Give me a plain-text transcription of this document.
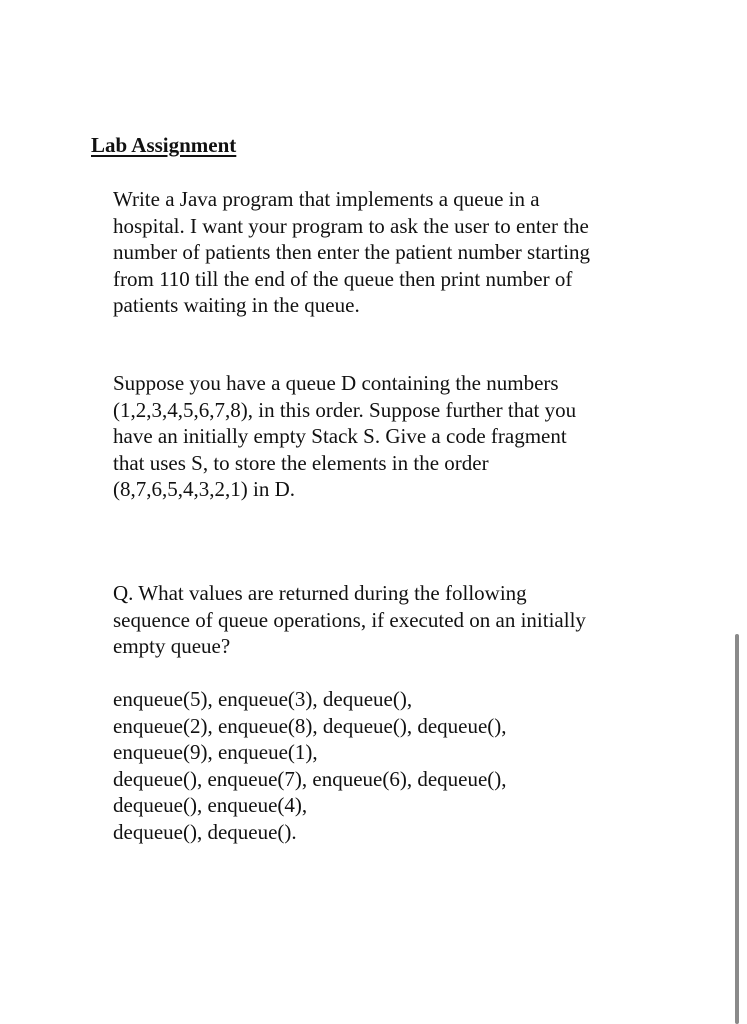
Lab Assignment
Write a Java program that implements a queue in a
hospital. I want your program to ask the user to enter the
number of patients then enter the patient number starting
from 110 till the end of the queue then print number of
patients waiting in the queue.
Suppose you have a queue D containing the numbers
(1,2,3,4,5,6,7,8), in this order. Suppose further that you
have an initially empty Stack S. Give a code fragment
that uses S, to store the elements in the order
(8,7,6,5,4,3,2,1) in D.
Q. What values are returned during the following
sequence of queue operations, if executed on an initially
empty queue?
enqueue(5), enqueue(3), dequeue(),
enqueue(2), enqueue(8), dequeue(), dequeue(),
enqueue(9), enqueue(1),
dequeue(), enqueue(7), enqueue(6), dequeue(),
dequeue(), enqueue(4),
dequeue(), dequeue().
